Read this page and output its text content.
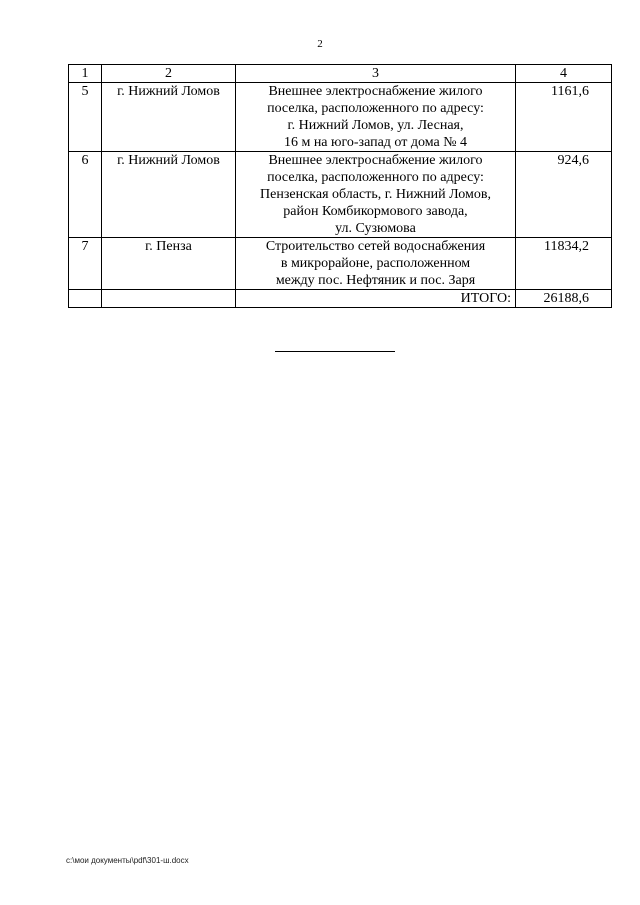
2
1	2	3	4
5	г. Нижний Ломов	Внешнее электроснабжение жилого
поселка, расположенного по адресу:
г. Нижний Ломов, ул. Лесная,
16 м на юго-запад от дома № 4	1161,6
6	г. Нижний Ломов	Внешнее электроснабжение жилого
поселка, расположенного по адресу:
Пензенская область, г. Нижний Ломов,
район Комбикормового завода,
ул. Сузюмова	924,6
7	г. Пенза	Строительство сетей водоснабжения
в микрорайоне, расположенном
между пос. Нефтяник и пос. Заря	11834,2
		ИТОГО:	26188,6
c:\мои документы\pdf\301-ш.docx
